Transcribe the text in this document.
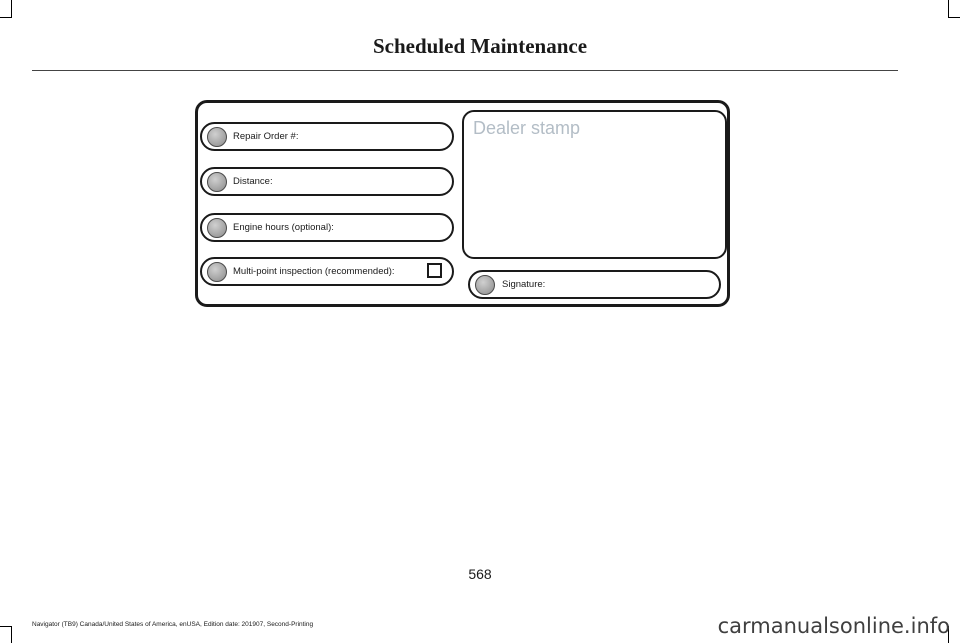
Scheduled Maintenance
Repair Order #:
Distance:
Engine hours (optional):
Multi-point inspection (recommended):
Dealer stamp
Signature:
568
Navigator (TB9) Canada/United States of America, enUSA, Edition date: 201907, Second-Printing	carmanualsonline.info
